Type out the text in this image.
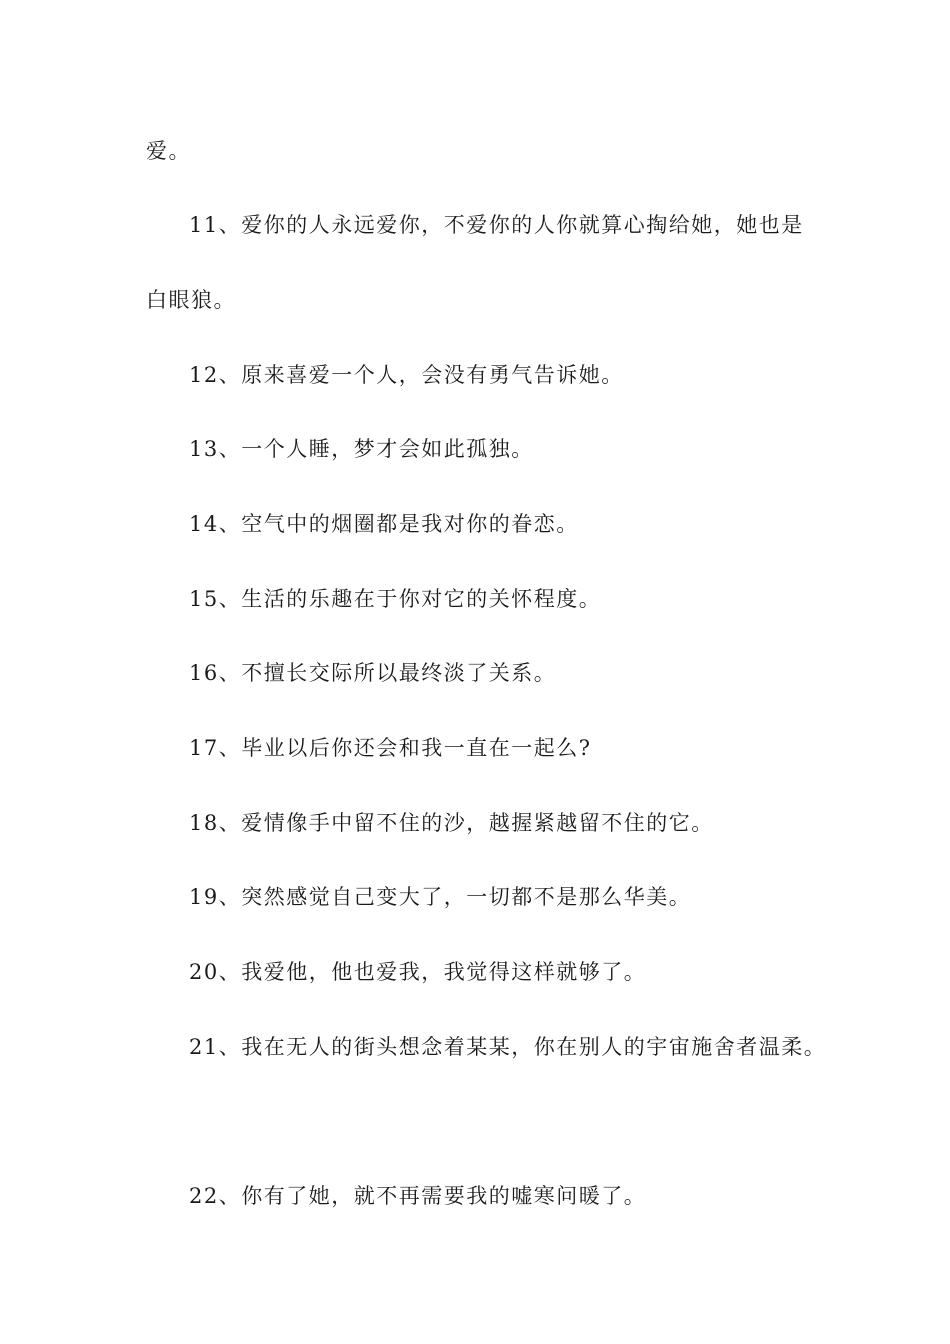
爱。
11、爱你的人永远爱你，不爱你的人你就算心掏给她，她也是
白眼狼。
12、原来喜爱一个人，会没有勇气告诉她。
13、一个人睡，梦才会如此孤独。
14、空气中的烟圈都是我对你的眷恋。
15、生活的乐趣在于你对它的关怀程度。
16、不擅长交际所以最终淡了关系。
17、毕业以后你还会和我一直在一起么?
18、爱情像手中留不住的沙，越握紧越留不住的它。
19、突然感觉自己变大了，一切都不是那么华美。
20、我爱他，他也爱我，我觉得这样就够了。
21、我在无人的街头想念着某某，你在别人的宇宙施舍者温柔。
22、你有了她，就不再需要我的嘘寒问暖了。
